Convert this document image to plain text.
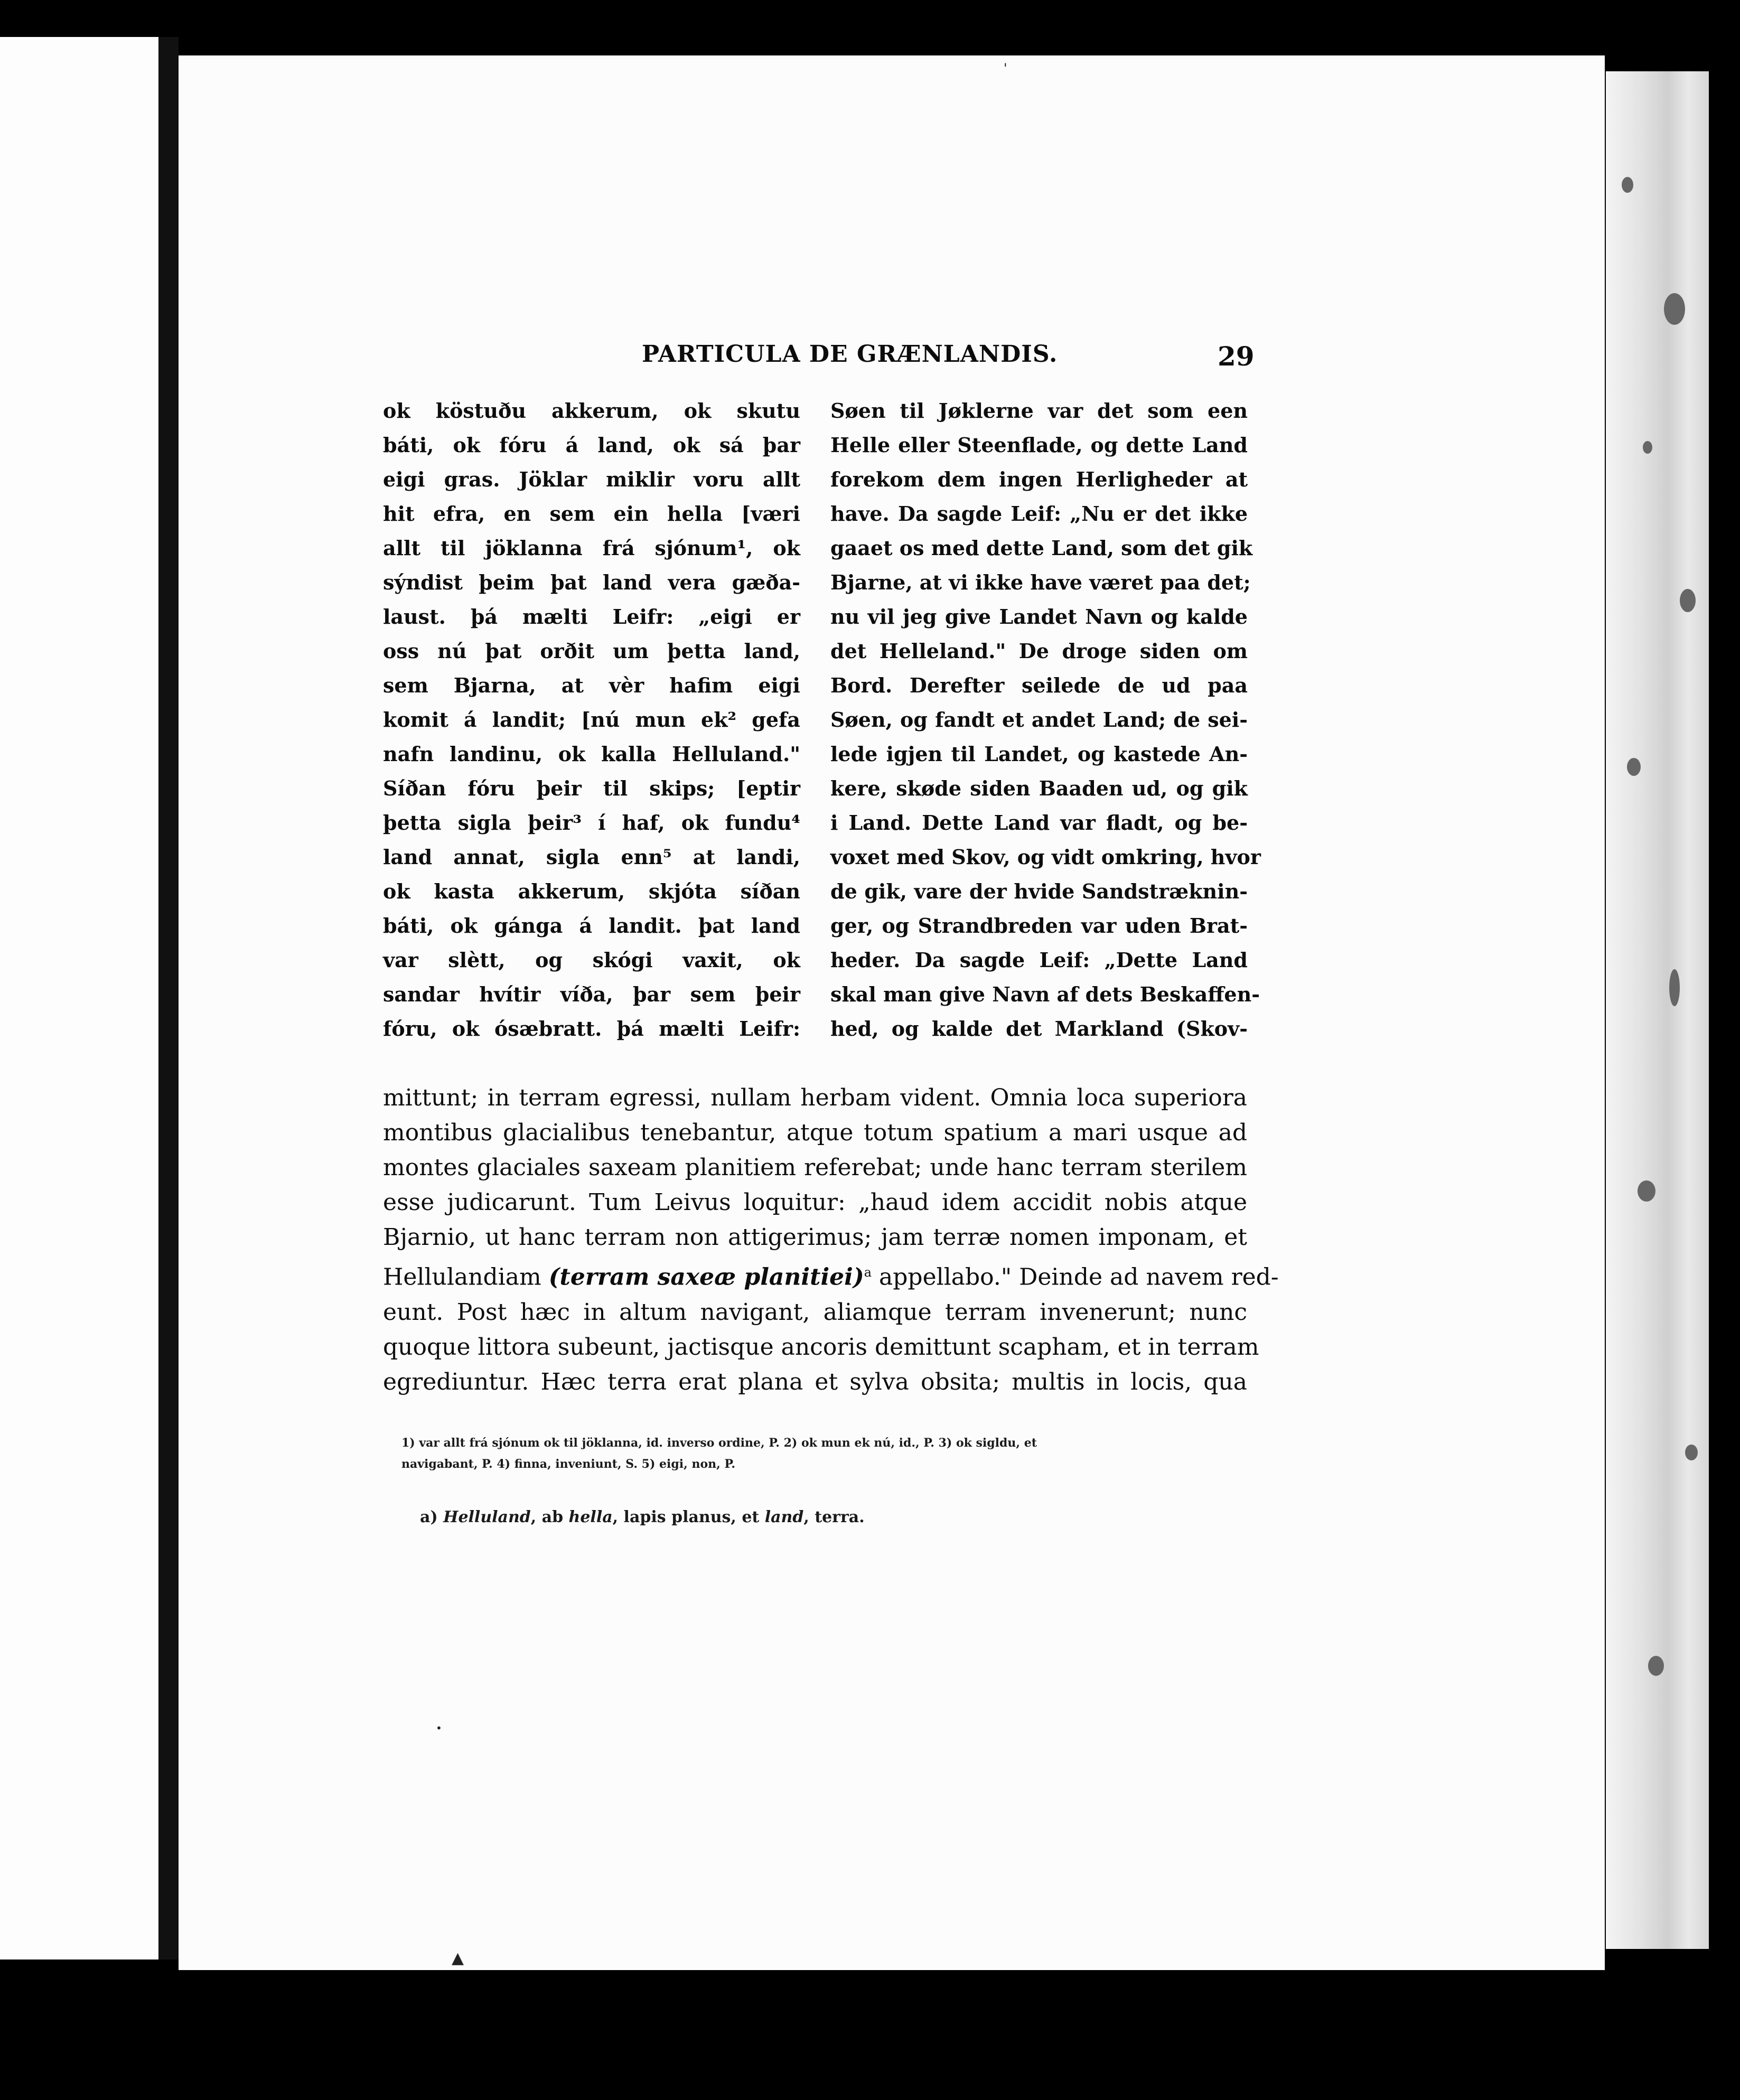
'
PARTICULA DE GRÆNLANDIS.	29
ok köstuðu akkerum, ok skutu
báti, ok fóru á land, ok sá þar
eigi gras. Jöklar miklir voru allt
hit efra, en sem ein hella [væri
allt til jöklanna frá sjónum¹, ok
sýndist þeim þat land vera gæða-
laust. þá mælti Leifr: „eigi er
oss nú þat orðit um þetta land,
sem Bjarna, at vèr hafim eigi
komit á landit; [nú mun ek² gefa
nafn landinu, ok kalla Helluland."
Síðan fóru þeir til skips; [eptir
þetta sigla þeir³ í haf, ok fundu⁴
land annat, sigla enn⁵ at landi,
ok kasta akkerum, skjóta síðan
báti, ok gánga á landit. þat land
var slètt, og skógi vaxit, ok
sandar hvítir víða, þar sem þeir
fóru, ok ósæbratt. þá mælti Leifr:
Søen til Jøklerne var det som een
Helle eller Steenflade, og dette Land
forekom dem ingen Herligheder at
have. Da sagde Leif: „Nu er det ikke
gaaet os med dette Land, som det gik
Bjarne, at vi ikke have været paa det;
nu vil jeg give Landet Navn og kalde
det Helleland." De droge siden om
Bord. Derefter seilede de ud paa
Søen, og fandt et andet Land; de sei-
lede igjen til Landet, og kastede An-
kere, skøde siden Baaden ud, og gik
i Land. Dette Land var fladt, og be-
voxet med Skov, og vidt omkring, hvor
de gik, vare der hvide Sandstræknin-
ger, og Strandbreden var uden Brat-
heder. Da sagde Leif: „Dette Land
skal man give Navn af dets Beskaffen-
hed, og kalde det Markland (Skov-
mittunt; in terram egressi, nullam herbam vident. Omnia loca superiora
montibus glacialibus tenebantur, atque totum spatium a mari usque ad
montes glaciales saxeam planitiem referebat; unde hanc terram sterilem
esse judicarunt. Tum Leivus loquitur: „haud idem accidit nobis atque
Bjarnio, ut hanc terram non attigerimus; jam terræ nomen imponam, et
Hellulandiam (terram saxeæ planitiei)$^a$ appellabo." Deinde ad navem red-
eunt. Post hæc in altum navigant, aliamque terram invenerunt; nunc
quoque littora subeunt, jactisque ancoris demittunt scapham, et in terram
egrediuntur. Hæc terra erat plana et sylva obsita; multis in locis, qua
1) var allt frá sjónum ok til jöklanna, id. inverso ordine, P. 2) ok mun ek nú, id., P. 3) ok sigldu, et
navigabant, P. 4) finna, inveniunt, S. 5) eigi, non, P.
a) Helluland, ab hella, lapis planus, et land, terra.
•
▲
